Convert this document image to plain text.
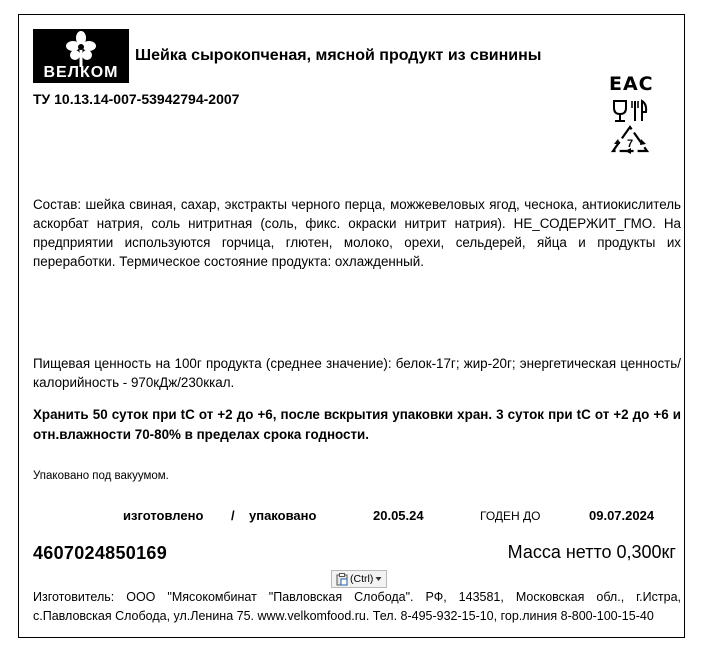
ВЕЛКОМ
Шейка сырокопченая, мясной продукт из свинины
ТУ 10.13.14-007-53942794-2007
ЕАС
7
Состав: шейка свиная, сахар, экстракты черного перца, можжевеловых ягод, чеснока, антиокислитель аскорбат натрия, соль нитритная (соль, фикс. окраски нитрит натрия). НЕ_СОДЕРЖИТ_ГМО. На предприятии используются горчица, глютен, молоко, орехи, сельдерей, яйца и продукты их переработки. Термическое состояние продукта: охлажденный.
Пищевая ценность на 100г продукта (среднее значение): белок-17г; жир-20г; энергетическая ценность/калорийность - 970кДж/230ккал.
Хранить 50 суток при tC от +2 до +6, после вскрытия упаковки хран. 3 суток при tC от +2 до +6 и отн.влажности 70-80% в пределах срока годности.
Упаковано под вакуумом.
изготовлено / упаковано	20.05.24	ГОДЕН ДО	09.07.2024
4607024850169	Масса нетто 0,300кг
(Ctrl)
Изготовитель: ООО "Мясокомбинат "Павловская Слобода". РФ, 143581, Московская обл., г.Истра, с.Павловская Слобода, ул.Ленина 75. www.velkomfood.ru. Тел. 8-495-932-15-10, гор.линия 8-800-100-15-40
